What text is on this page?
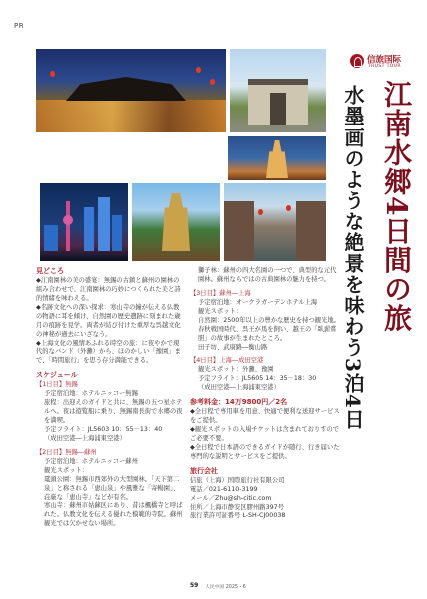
PR
信旅国际
TRUST TOUR
江南水郷4日間の旅
水墨画のような絶景を味わう3泊4日

見どころ

◆江南園林の美の盛宴：無錫の古鎮と蘇州の園林の組み合わせで、江南園林の巧妙につくられた美と詩的情緒を味わえる。

◆名跡文化への深い探求：寒山寺の鐘が伝える仏教の物語に耳を傾け、自然園の歴史遺跡に刻まれた歳月の痕跡を見学。両者が結び付けた重厚な呉越文化の神秘が過去にいざなう。

◆上海文化の風情あふれる時空の旅：に夜やかで現代的なバンド（外灘）から、ほのかしい「豫園」まで、「時間旅行」を思う存分満能できる。

スケジュール

【1日目】無錫

予定宿泊地：ホテルニッコー無錫

旅程：出迎えのガイドと共に、無錫の五つ星ホテルへ。夜は遊覧船に乗り、無錫南長街で水郷の夜を満喫。

予定フライト：JL5603 10：55－13：40

（成田空港―上海浦東空港）

【2日目】無錫―蘇州

予定宿泊地：ホテルニッコー蘇州

観光スポット：

鼋頭公園：無錫市西郊外の大型園林。「天下第二泉」と称される「恵山泉」や風雅な「寄暢園」、荘厳な「恵山寺」などが有名。

寒山寺：蘇州市姑蘇区にあり、昔は楓橋寺と呼ばれた。仏教文化を伝える優れた模範的寺院。蘇州観光では欠かせない場所。

獅子林：蘇州の四大名園の一つで、典型的な元代園林。蘇州ならではの古典園林の魅力を持つ。

【3日目】蘇州―上海

予定宿泊地：オークラガーデンホテル上海

観光スポット：

自然園：2500年以上の豊かな歴史を持つ観光地。春秋戦国時代、呉王が馬を飼い、越王の「臥薪嘗胆」の故事が生まれたところ。

田子坊、武康路―衡山路

【4日目】上海―成田空港

観光スポット：外灘、豫園

予定フライト：JL5605 14：35－18：30

（成田空港―上海浦東空港）

参考料金：14万9800円／2名

◆全日程で専用車を用意、快適で便利な送迎サービスをご提供。

◆観光スポットの入場チケットは含まれておりすのでご必要不要。

◆全日程で日本語のできるガイドが随行、行き届いた専門的な説明とサービスをご提供。

旅行会社

信旅（上海）国際旅行社有限公司

電話／021-6110-3199

メール／Zhu@sh-citic.com

住所／上海市静安区膠州路397号

旅行業許可証番号 L-SH-CJ00038

59 人民中国 2025・6
